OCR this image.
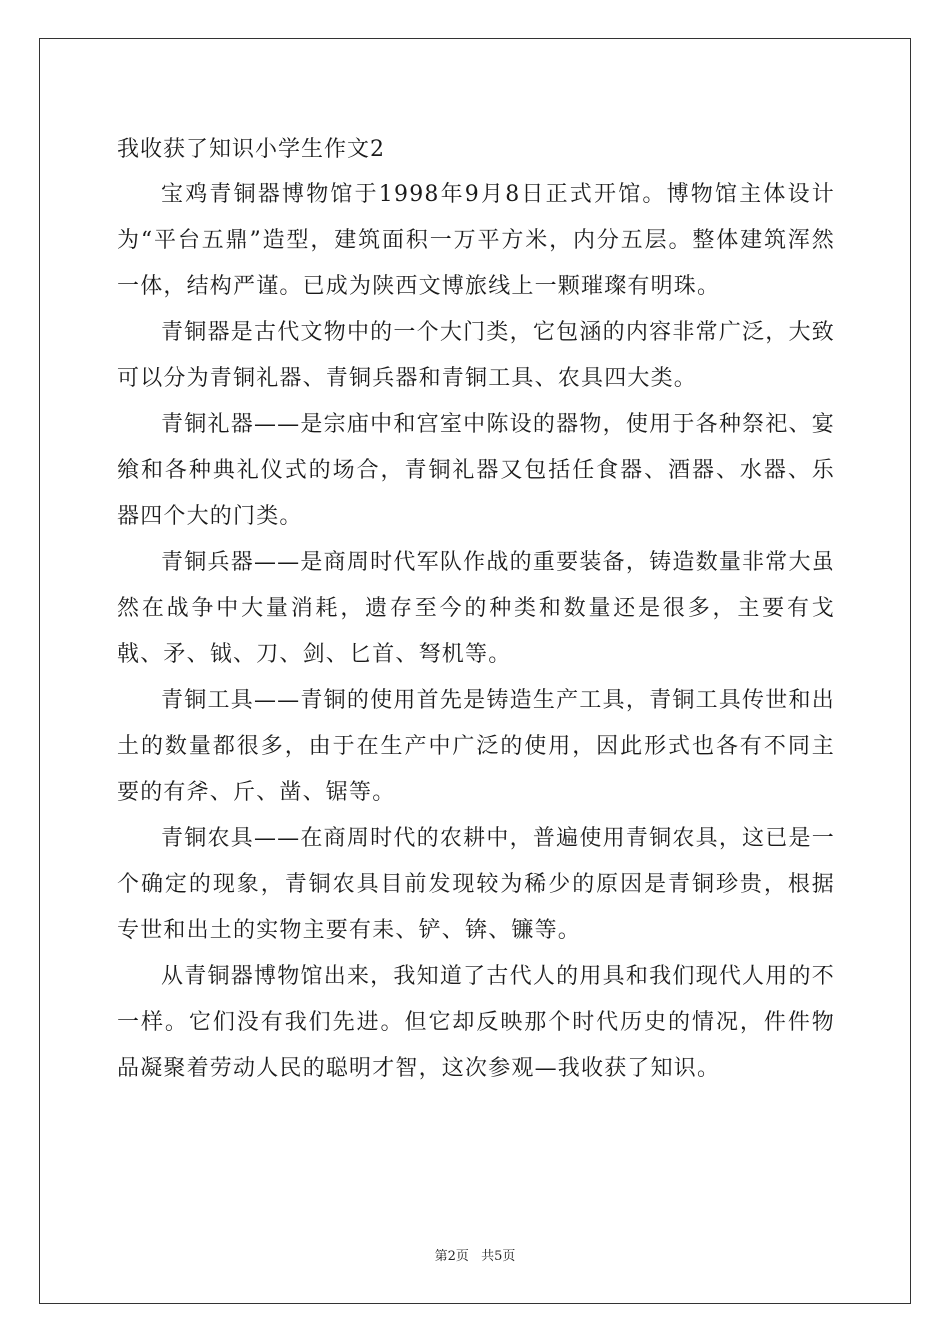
我收获了知识小学生作文2

宝鸡青铜器博物馆于1998年9月8日正式开馆。博物馆主体设计为“平台五鼎”造型，建筑面积一万平方米，内分五层。整体建筑浑然一体，结构严谨。已成为陕西文博旅线上一颗璀璨有明珠。

青铜器是古代文物中的一个大门类，它包涵的内容非常广泛，大致可以分为青铜礼器、青铜兵器和青铜工具、农具四大类。

青铜礼器——是宗庙中和宫室中陈设的器物，使用于各种祭祀、宴飨和各种典礼仪式的场合，青铜礼器又包括任食器、酒器、水器、乐器四个大的门类。

青铜兵器——是商周时代军队作战的重要装备，铸造数量非常大虽然在战争中大量消耗，遗存至今的种类和数量还是很多，主要有戈戟、矛、钺、刀、剑、匕首、弩机等。

青铜工具——青铜的使用首先是铸造生产工具，青铜工具传世和出土的数量都很多，由于在生产中广泛的使用，因此形式也各有不同主要的有斧、斤、凿、锯等。

青铜农具——在商周时代的农耕中，普遍使用青铜农具，这已是一个确定的现象，青铜农具目前发现较为稀少的原因是青铜珍贵，根据专世和出土的实物主要有耒、铲、锛、镰等。

从青铜器博物馆出来，我知道了古代人的用具和我们现代人用的不一样。它们没有我们先进。但它却反映那个时代历史的情况，件件物品凝聚着劳动人民的聪明才智，这次参观—我收获了知识。

第2页 共5页
